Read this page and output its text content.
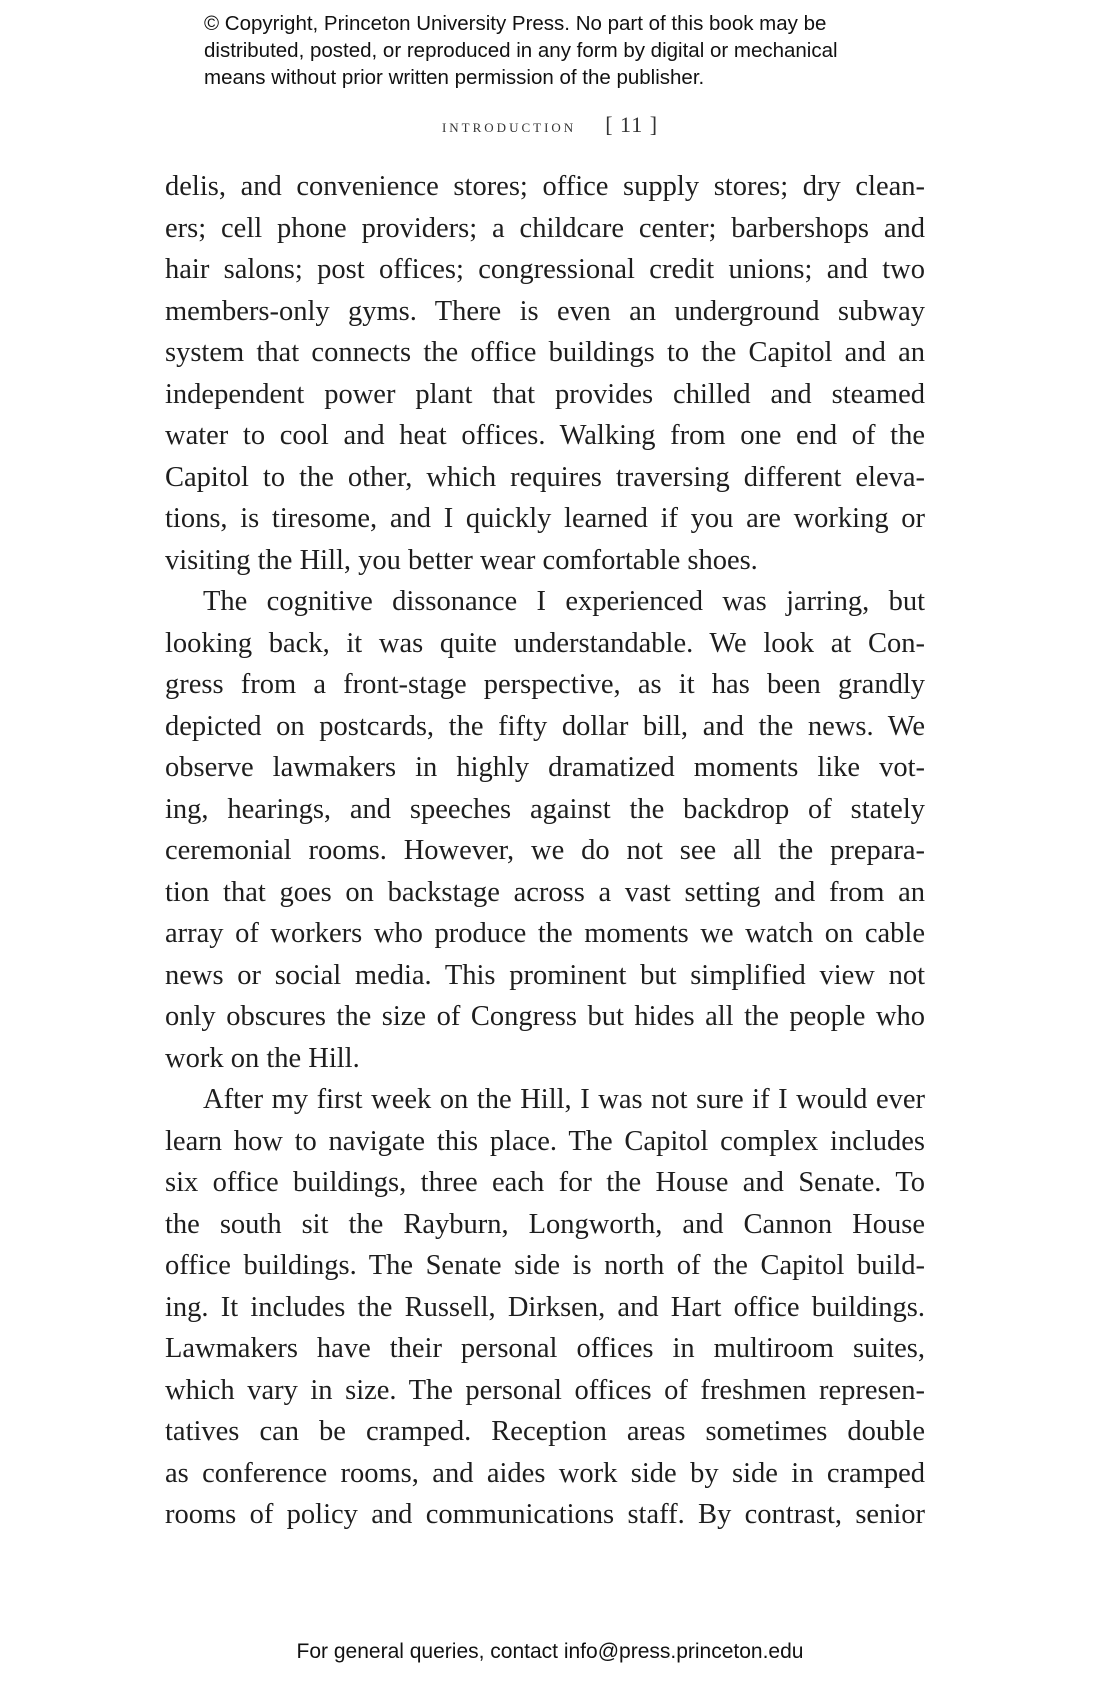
© Copyright, Princeton University Press. No part of this book may be
distributed, posted, or reproduced in any form by digital or mechanical
means without prior written permission of the publisher.
introduction [ 11 ]
delis, and convenience stores; office supply stores; dry clean-
ers; cell phone providers; a childcare center; barbershops and
hair salons; post offices; congressional credit unions; and two
members-only gyms. There is even an underground subway
system that connects the office buildings to the Capitol and an
independent power plant that provides chilled and steamed
water to cool and heat offices. Walking from one end of the
Capitol to the other, which requires traversing different eleva-
tions, is tiresome, and I quickly learned if you are working or
visiting the Hill, you better wear comfortable shoes.
The cognitive dissonance I experienced was jarring, but
looking back, it was quite understandable. We look at Con-
gress from a front-stage perspective, as it has been grandly
depicted on postcards, the fifty dollar bill, and the news. We
observe lawmakers in highly dramatized moments like vot-
ing, hearings, and speeches against the backdrop of stately
ceremonial rooms. However, we do not see all the prepara-
tion that goes on backstage across a vast setting and from an
array of workers who produce the moments we watch on cable
news or social media. This prominent but simplified view not
only obscures the size of Congress but hides all the people who
work on the Hill.
After my first week on the Hill, I was not sure if I would ever
learn how to navigate this place. The Capitol complex includes
six office buildings, three each for the House and Senate. To
the south sit the Rayburn, Longworth, and Cannon House
office buildings. The Senate side is north of the Capitol build-
ing. It includes the Russell, Dirksen, and Hart office buildings.
Lawmakers have their personal offices in multiroom suites,
which vary in size. The personal offices of freshmen represen-
tatives can be cramped. Reception areas sometimes double
as conference rooms, and aides work side by side in cramped
rooms of policy and communications staff. By contrast, senior
For general queries, contact info@press.princeton.edu
